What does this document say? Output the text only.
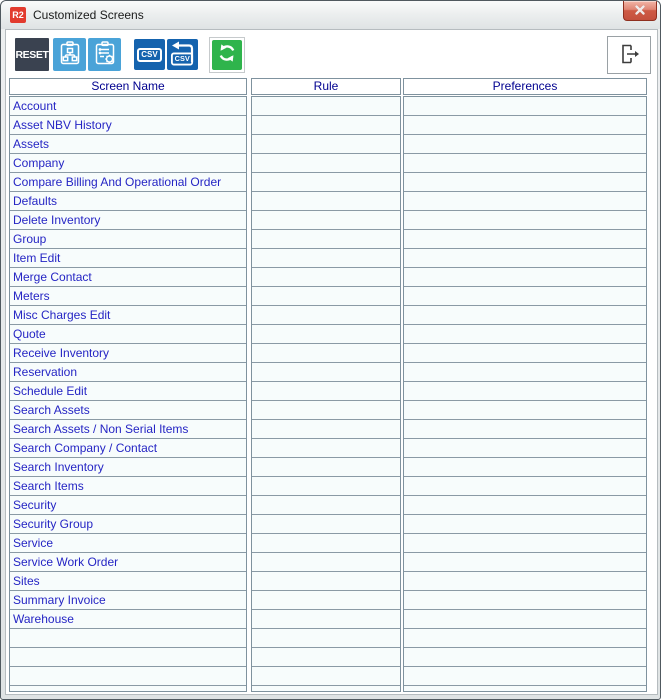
R2 Customized Screens
RESET	CSV
CSV
Screen Name	Rule	Preferences
Account
Asset NBV History
Assets
Company
Compare Billing And Operational Order
Defaults
Delete Inventory
Group
Item Edit
Merge Contact
Meters
Misc Charges Edit
Quote
Receive Inventory
Reservation
Schedule Edit
Search Assets
Search Assets / Non Serial Items
Search Company / Contact
Search Inventory
Search Items
Security
Security Group
Service
Service Work Order
Sites
Summary Invoice
Warehouse
